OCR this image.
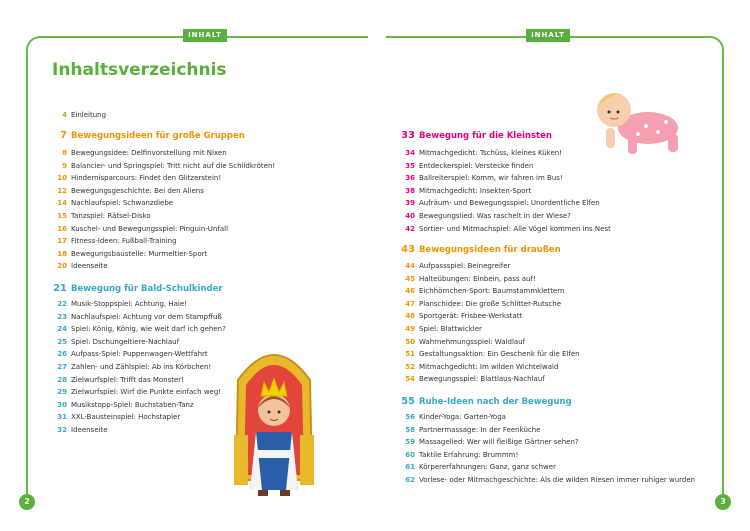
INHALT	INHALT
Inhaltsverzeichnis
4 Einleitung
7 Bewegungsideen für große Gruppen
8 Bewegungsidee: Delfinvorstellung mit Nixen
9 Balancier- und Springspiel: Tritt nicht auf die Schildkröten!
10 Hindernisparcours: Findet den Glitzerstein!
12 Bewegungsgeschichte: Bei den Aliens
14 Nachlaufspiel: Schwanzdiebe
15 Tanzspiel: Rätsel-Disko
16 Kuschel- und Bewegungsspiel: Pinguin-Unfall
17 Fitness-Ideen: Fußball-Training
18 Bewegungsbaustelle: Murmeltier-Sport
20 Ideenseite
21 Bewegung für Bald-Schulkinder
22 Musik-Stoppspiel: Achtung, Haie!
23 Nachlaufspiel: Achtung vor dem Stampffuß
24 Spiel: König, König, wie weit darf ich gehen?
25 Spiel: Dschungeltiere-Nachlauf
26 Aufpass-Spiel: Puppenwagen-Wettfahrt
27 Zahlen- und Zählspiel: Ab ins Körbchen!
28 Zielwurfspiel: Trifft das Monster!
29 Zielwurfspiel: Wirf die Punkte einfach weg!
30 Musikstopp-Spiel: Buchstaben-Tanz
31 XXL-Bausteinspiel: Hochstapler
32 Ideenseite
33 Bewegung für die Kleinsten
34 Mitmachgedicht: Tschüss, kleines Küken!
35 Entdeckerspiel: Verstecke finden
36 Ballreiterspiel: Komm, wir fahren im Bus!
38 Mitmachgedicht: Insekten-Sport
39 Aufräum- und Bewegungsspiel: Unordentliche Elfen
40 Bewegungslied: Was raschelt in der Wiese?
42 Sortier- und Mitmachspiel: Alle Vögel kommen ins Nest
43 Bewegungsideen für draußen
44 Aufpassspiel: Beinegreifer
45 Halteübungen: Einbein, pass auf!
46 Eichhörnchen-Sport: Baumstammklettern
47 Planschidee: Die große Schlitter-Rutsche
48 Sportgerät: Frisbee-Werkstatt
49 Spiel: Blattwickler
50 Wahrnehmungsspiel: Waldlauf
51 Gestaltungsaktion: Ein Geschenk für die Elfen
52 Mitmachgedicht: Im wilden Wichtelwald
54 Bewegungsspiel: Blattlaus-Nachlauf
55 Ruhe-Ideen nach der Bewegung
56 Kinder-Yoga: Garten-Yoga
58 Partnermassage: In der Feenküche
59 Massagelied: Wer will fleißige Gärtner sehen?
60 Taktile Erfahrung: Brummm!
61 Körpererfahrungen: Ganz, ganz schwer
62 Vorlese- oder Mitmachgeschichte: Als die wilden Riesen immer ruhiger wurden
2	3
